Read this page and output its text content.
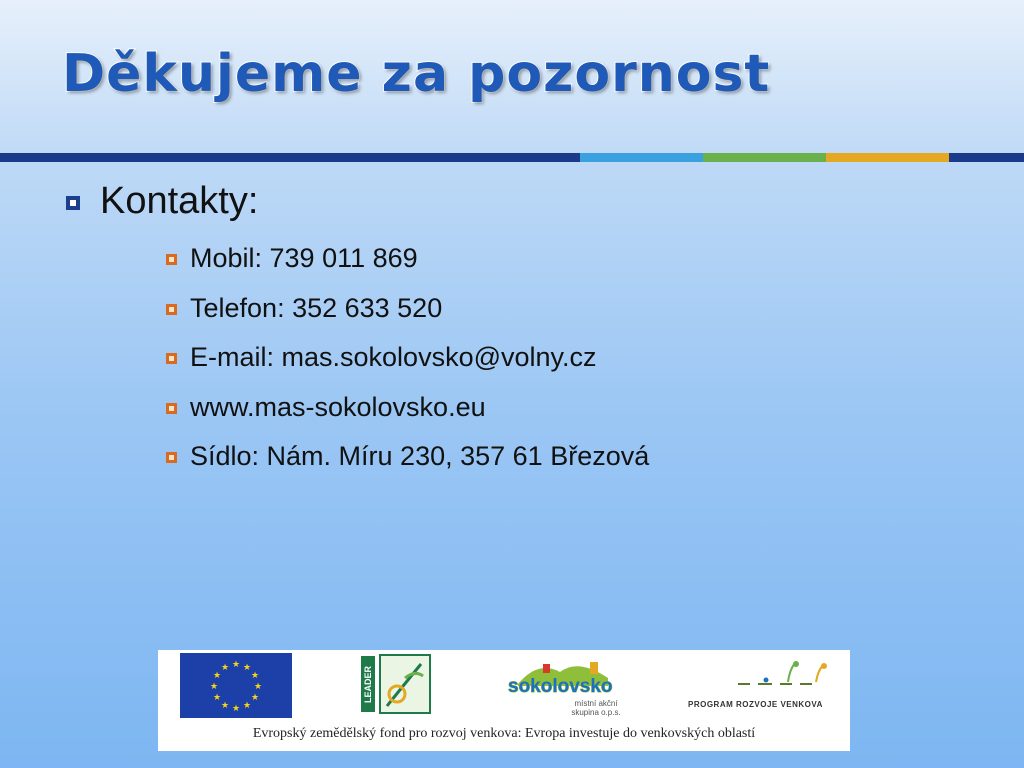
Děkujeme za pozornost
Kontakty:
Mobil: 739 011 869
Telefon: 352 633 520
E-mail: mas.sokolovsko@volny.cz
www.mas-sokolovsko.eu
Sídlo: Nám. Míru 230, 357 61 Březová
★ ★
★
★
★
★
★
★
★
★
★
★	LEADER	sokolovsko
místní akční skupina o.p.s.
PROGRAM ROZVOJE VENKOVA
Evropský zemědělský fond pro rozvoj venkova: Evropa investuje do venkovských oblastí
